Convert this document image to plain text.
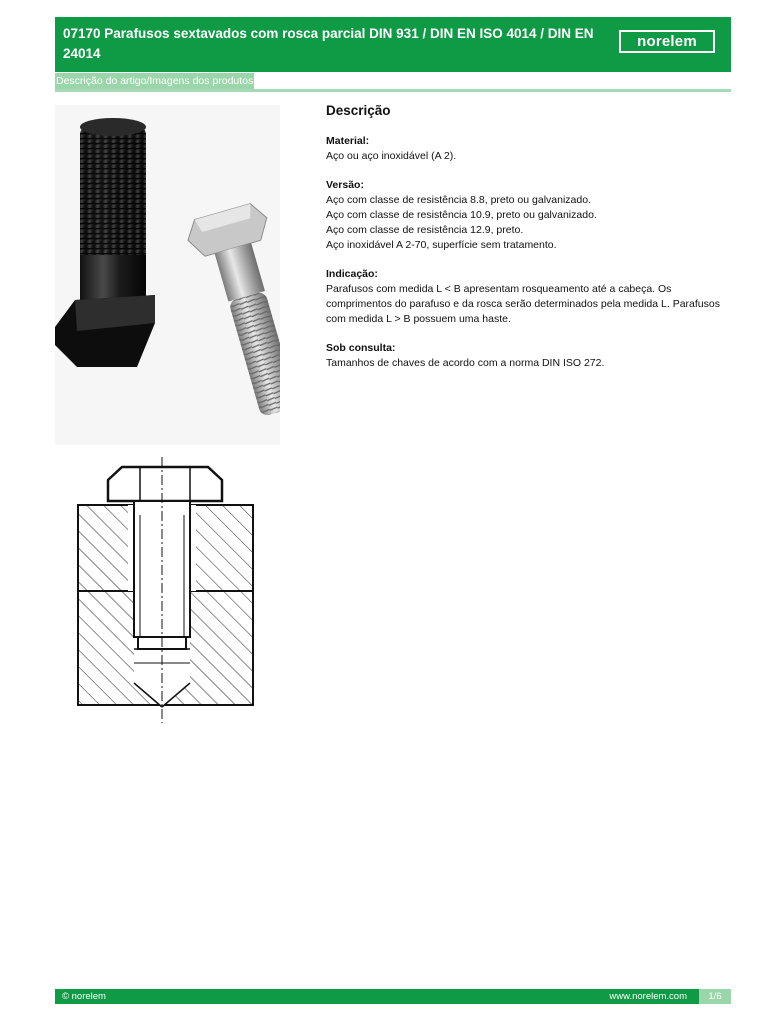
07170 Parafusos sextavados com rosca parcial DIN 931 / DIN EN ISO 4014 / DIN EN 24014
norelem
Descrição do artigo/Imagens dos produtos
Descrição
Material:
Aço ou aço inoxidável (A 2).
Versão:
Aço com classe de resistência 8.8, preto ou galvanizado.
Aço com classe de resistência 10.9, preto ou galvanizado.
Aço com classe de resistência 12.9, preto.
Aço inoxidável A 2-70, superfície sem tratamento.
Indicação:
Parafusos com medida L < B apresentam rosqueamento até a cabeça. Os
comprimentos do parafuso e da rosca serão determinados pela medida L. Parafusos
com medida L > B possuem uma haste.
Sob consulta:
Tamanhos de chaves de acordo com a norma DIN ISO 272.
© norelem	www.norelem.com	1/6
